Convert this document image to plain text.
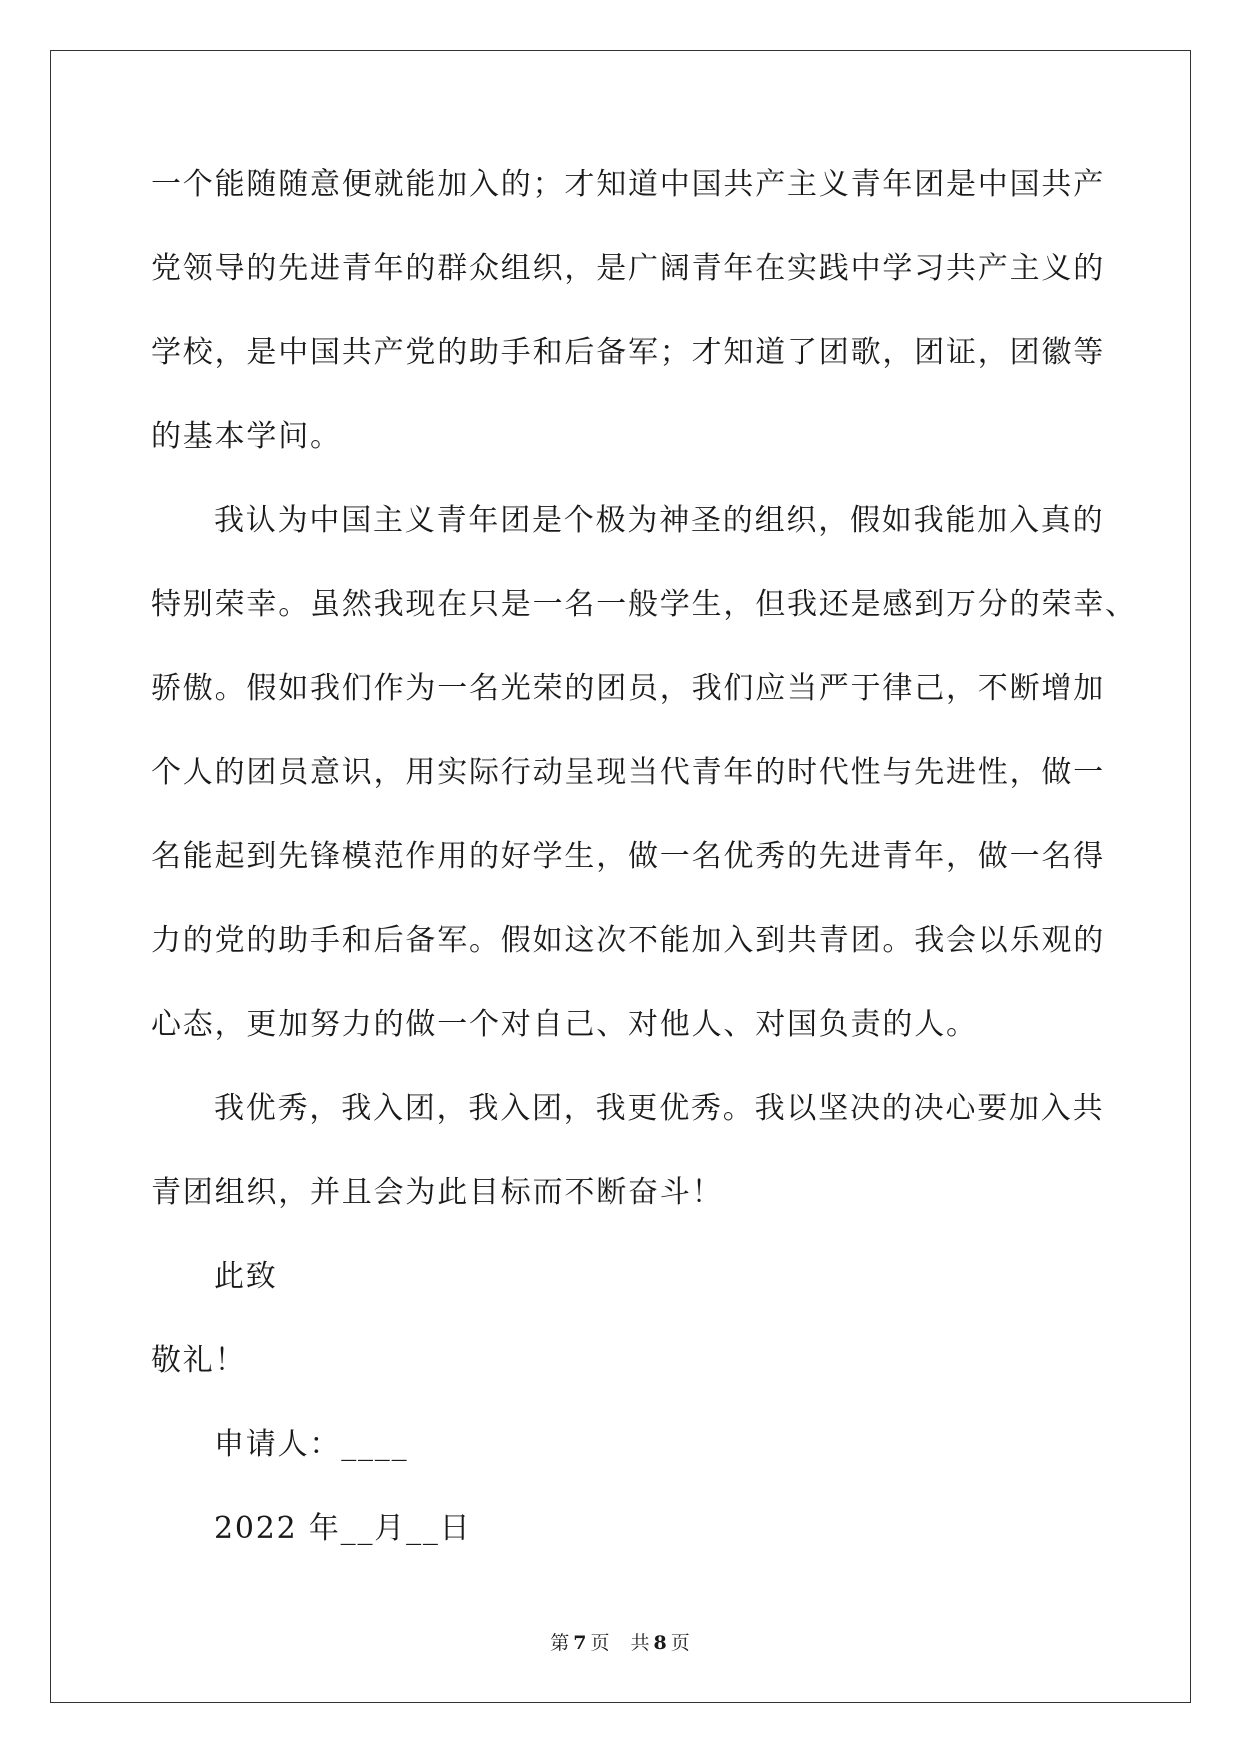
一个能随随意便就能加入的；才知道中国共产主义青年团是中国共产
党领导的先进青年的群众组织，是广阔青年在实践中学习共产主义的
学校，是中国共产党的助手和后备军；才知道了团歌，团证，团徽等
的基本学问。
我认为中国主义青年团是个极为神圣的组织，假如我能加入真的
特别荣幸。虽然我现在只是一名一般学生，但我还是感到万分的荣幸、
骄傲。假如我们作为一名光荣的团员，我们应当严于律己，不断增加
个人的团员意识，用实际行动呈现当代青年的时代性与先进性，做一
名能起到先锋模范作用的好学生，做一名优秀的先进青年，做一名得
力的党的助手和后备军。假如这次不能加入到共青团。我会以乐观的
心态，更加努力的做一个对自己、对他人、对国负责的人。
我优秀，我入团，我入团，我更优秀。我以坚决的决心要加入共
青团组织，并且会为此目标而不断奋斗！
此致
敬礼！
申请人：____
2022 年__月__日
第 7 页 共 8 页
